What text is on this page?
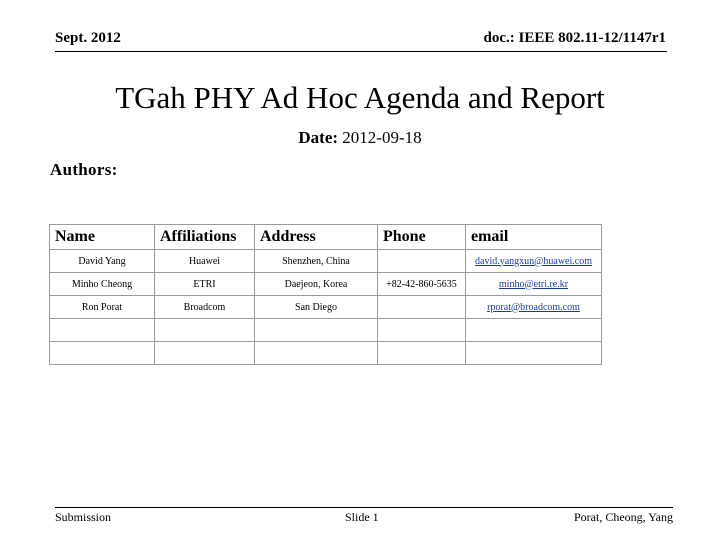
Sept. 2012	doc.: IEEE 802.11-12/1147r1
TGah PHY Ad Hoc Agenda and Report
Date: 2012-09-18
Authors:
Name	Affiliations	Address	Phone	email
David Yang	Huawei	Shenzhen, China		david.yangxun@huawei.com
Minho Cheong	ETRI	Daejeon, Korea	+82-42-860-5635	minho@etri.re.kr
Ron Porat	Broadcom	San Diego		rporat@broadcom.com

Submission	Slide 1	Porat, Cheong, Yang
